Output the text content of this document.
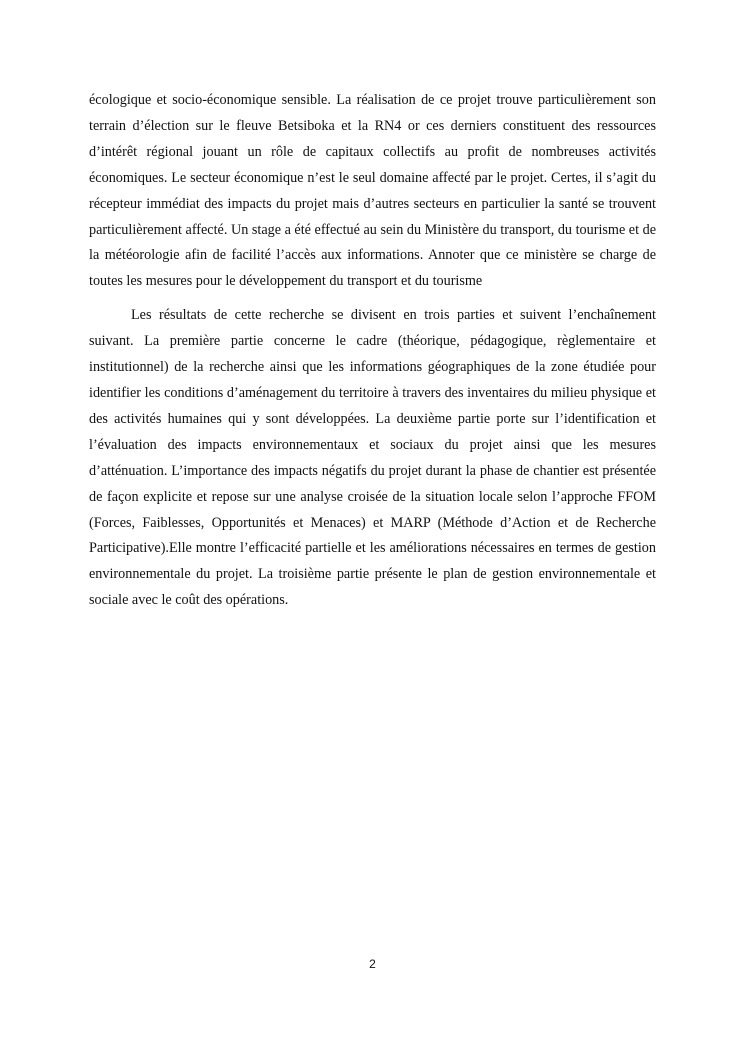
écologique et socio-économique sensible. La réalisation de ce projet trouve particulièrement son terrain d’élection sur le fleuve Betsiboka et la RN4 or ces derniers constituent des ressources d’intérêt régional jouant un rôle de capitaux collectifs au profit de nombreuses activités économiques. Le secteur économique n’est le seul domaine affecté par le projet. Certes, il s’agit du récepteur immédiat des impacts du projet mais d’autres secteurs en particulier la santé se trouvent particulièrement affecté. Un stage a été effectué au sein du Ministère du transport, du tourisme et de la météorologie afin de facilité l’accès aux informations. Annoter que ce ministère se charge de toutes les mesures pour le développement du transport et du tourisme

Les résultats de cette recherche se divisent en trois parties et suivent l’enchaînement suivant. La première partie concerne le cadre (théorique, pédagogique, règlementaire et institutionnel) de la recherche ainsi que les informations géographiques de la zone étudiée pour identifier les conditions d’aménagement du territoire à travers des inventaires du milieu physique et des activités humaines qui y sont développées. La deuxième partie porte sur l’identification et l’évaluation des impacts environnementaux et sociaux du projet ainsi que les mesures d’atténuation. L’importance des impacts négatifs du projet durant la phase de chantier est présentée de façon explicite et repose sur une analyse croisée de la situation locale selon l’approche FFOM (Forces, Faiblesses, Opportunités et Menaces) et MARP (Méthode d’Action et de Recherche Participative).Elle montre l’efficacité partielle et les améliorations nécessaires en termes de gestion environnementale du projet. La troisième partie présente le plan de gestion environnementale et sociale avec le coût des opérations.

2
